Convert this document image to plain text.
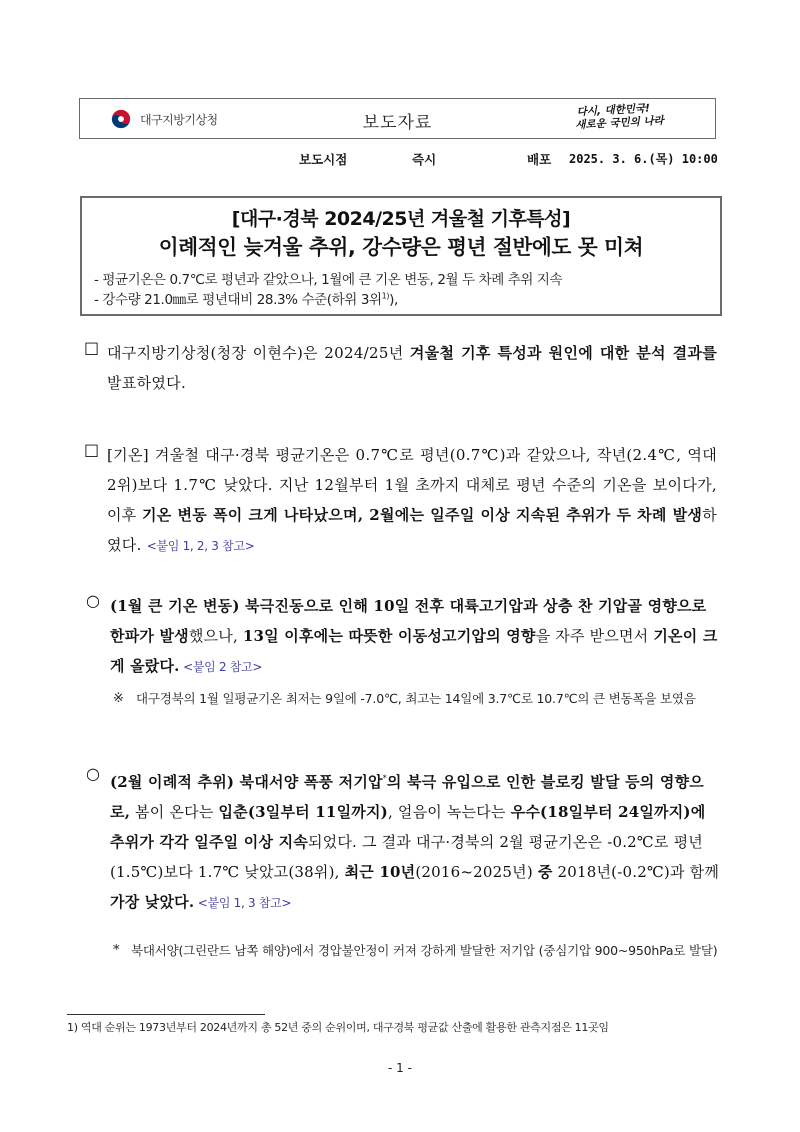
대구지방기상청	보도자료
다시, 대한민국!
새로운 국민의 나라
보도시점	즉시	배포 2025. 3. 6.(목) 10:00
[대구·경북 2024/25년 겨울철 기후특성]
이례적인 늦겨울 추위, 강수량은 평년 절반에도 못 미쳐
- 평균기온은 0.7℃로 평년과 같았으나, 1월에 큰 기온 변동, 2월 두 차례 추위 지속
- 강수량 21.0㎜로 평년대비 28.3% 수준(하위 3위$^{1)}$),
□ 대구지방기상청(청장 이현수)은 2024/25년 겨울철 기후 특성과 원인에 대한 분석 결과를 발표하였다.
□ [기온] 겨울철 대구·경북 평균기온은 0.7℃로 평년(0.7℃)과 같았으나, 작년(2.4℃, 역대 2위)보다 1.7℃ 낮았다. 지난 12월부터 1월 초까지 대체로 평년 수준의 기온을 보이다가, 이후 기온 변동 폭이 크게 나타났으며, 2월에는 일주일 이상 지속된 추위가 두 차례 발생하였다. <붙임 1, 2, 3 참고>
○ (1월 큰 기온 변동) 북극진동으로 인해 10일 전후 대륙고기압과 상층 찬 기압골 영향으로 한파가 발생했으나, 13일 이후에는 따뜻한 이동성고기압의 영향을 자주 받으면서 기온이 크게 올랐다. <붙임 2 참고>
※ 대구경북의 1월 일평균기온 최저는 9일에 -7.0℃, 최고는 14일에 3.7℃로 10.7℃의 큰 변동폭을 보였음
○ (2월 이례적 추위) 북대서양 폭풍 저기압*의 북극 유입으로 인한 블로킹 발달 등의 영향으로, 봄이 온다는 입춘(3일부터 11일까지), 얼음이 녹는다는 우수(18일부터 24일까지)에 추위가 각각 일주일 이상 지속되었다. 그 결과 대구·경북의 2월 평균기온은 -0.2℃로 평년(1.5℃)보다 1.7℃ 낮았고(38위), 최근 10년(2016~2025년) 중 2018년(-0.2℃)과 함께 가장 낮았다. <붙임 1, 3 참고>
* 북대서양(그린란드 남쪽 해양)에서 경압불안정이 커져 강하게 발달한 저기압 (중심기압 900~950hPa로 발달)
1) 역대 순위는 1973년부터 2024년까지 총 52년 중의 순위이며, 대구경북 평균값 산출에 활용한 관측지점은 11곳임
- 1 -
